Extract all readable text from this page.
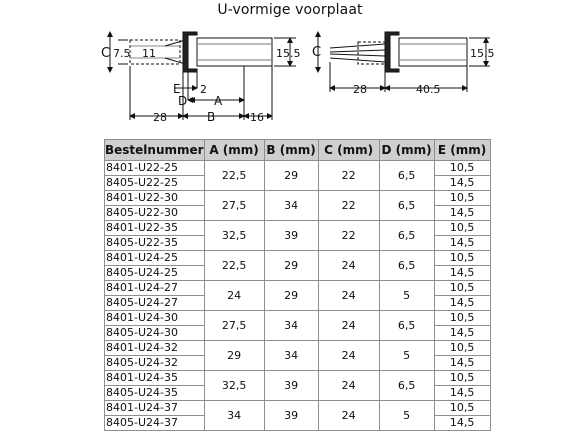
U-vormige voorplaat
C 7.5 11	15.5
E
D
2
A
28	B	16
C	15.5
28	40.5
Bestelnummer	A (mm)	B (mm)	C (mm)	D (mm)	E (mm)
8401-U22-25	22,5	29	22	6,5	10,5
8405-U22-25					14,5
8401-U22-30	27,5	34	22	6,5	10,5
8405-U22-30					14,5
8401-U22-35	32,5	39	22	6,5	10,5
8405-U22-35					14,5
8401-U24-25	22,5	29	24	6,5	10,5
8405-U24-25					14,5
8401-U24-27	24	29	24	5	10,5
8405-U24-27					14,5
8401-U24-30	27,5	34	24	6,5	10,5
8405-U24-30					14,5
8401-U24-32	29	34	24	5	10,5
8405-U24-32					14,5
8401-U24-35	32,5	39	24	6,5	10,5
8405-U24-35					14,5
8401-U24-37	34	39	24	5	10,5
8405-U24-37					14,5
